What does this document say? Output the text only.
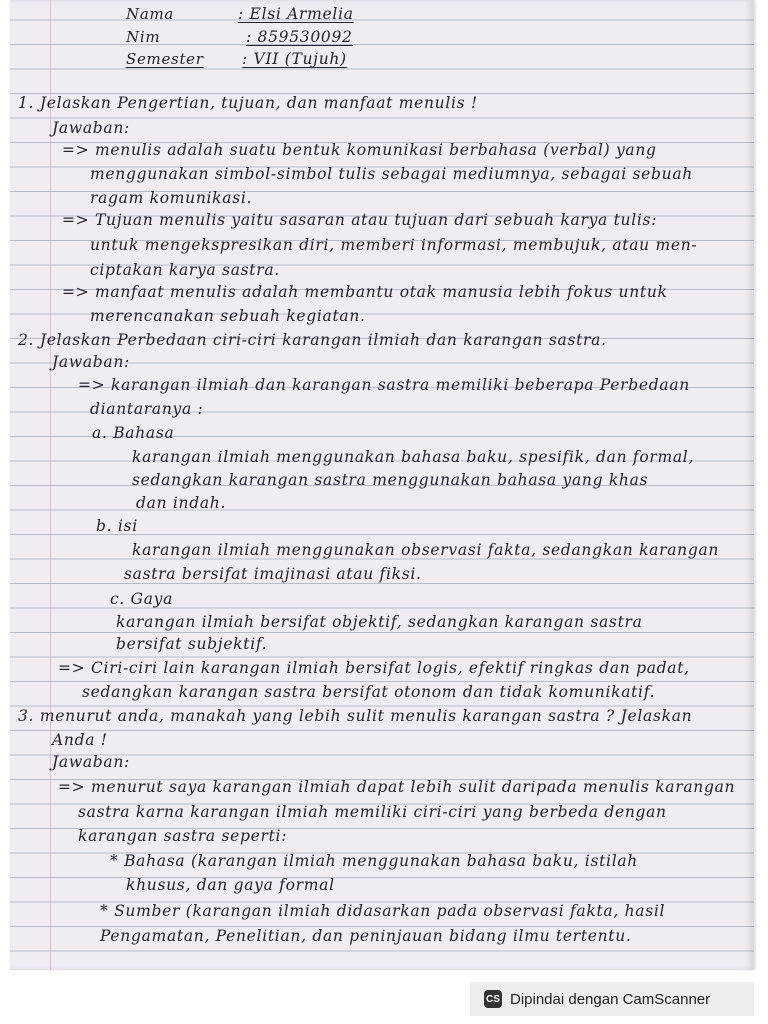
Nama	: Elsi Armelia

Nim	: 859530092

Semester : VII (Tujuh)

1. Jelaskan Pengertian, tujuan, dan manfaat menulis !

Jawaban:

=> menulis adalah suatu bentuk komunikasi berbahasa (verbal) yang

menggunakan simbol-simbol tulis sebagai mediumnya, sebagai sebuah

ragam komunikasi.

=> Tujuan menulis yaitu sasaran atau tujuan dari sebuah karya tulis:

untuk mengekspresikan diri, memberi informasi, membujuk, atau men-

ciptakan karya sastra.

=> manfaat menulis adalah membantu otak manusia lebih fokus untuk

merencanakan sebuah kegiatan.

2. Jelaskan Perbedaan ciri-ciri karangan ilmiah dan karangan sastra.

Jawaban:

=> karangan ilmiah dan karangan sastra memiliki beberapa Perbedaan

diantaranya :

a. Bahasa

karangan ilmiah menggunakan bahasa baku, spesifik, dan formal,

sedangkan karangan sastra menggunakan bahasa yang khas

dan indah.

b. isi

karangan ilmiah menggunakan observasi fakta, sedangkan karangan

sastra bersifat imajinasi atau fiksi.

c. Gaya

karangan ilmiah bersifat objektif, sedangkan karangan sastra

bersifat subjektif.

=> Ciri-ciri lain karangan ilmiah bersifat logis, efektif ringkas dan padat,

sedangkan karangan sastra bersifat otonom dan tidak komunikatif.

3. menurut anda, manakah yang lebih sulit menulis karangan sastra ? Jelaskan

Anda !

Jawaban:

=> menurut saya karangan ilmiah dapat lebih sulit daripada menulis karangan

sastra karna karangan ilmiah memiliki ciri-ciri yang berbeda dengan

karangan sastra seperti:

* Bahasa (karangan ilmiah menggunakan bahasa baku, istilah

khusus, dan gaya formal

* Sumber (karangan ilmiah didasarkan pada observasi fakta, hasil

Pengamatan, Penelitian, dan peninjauan bidang ilmu tertentu.

CS Dipindai dengan CamScanner
